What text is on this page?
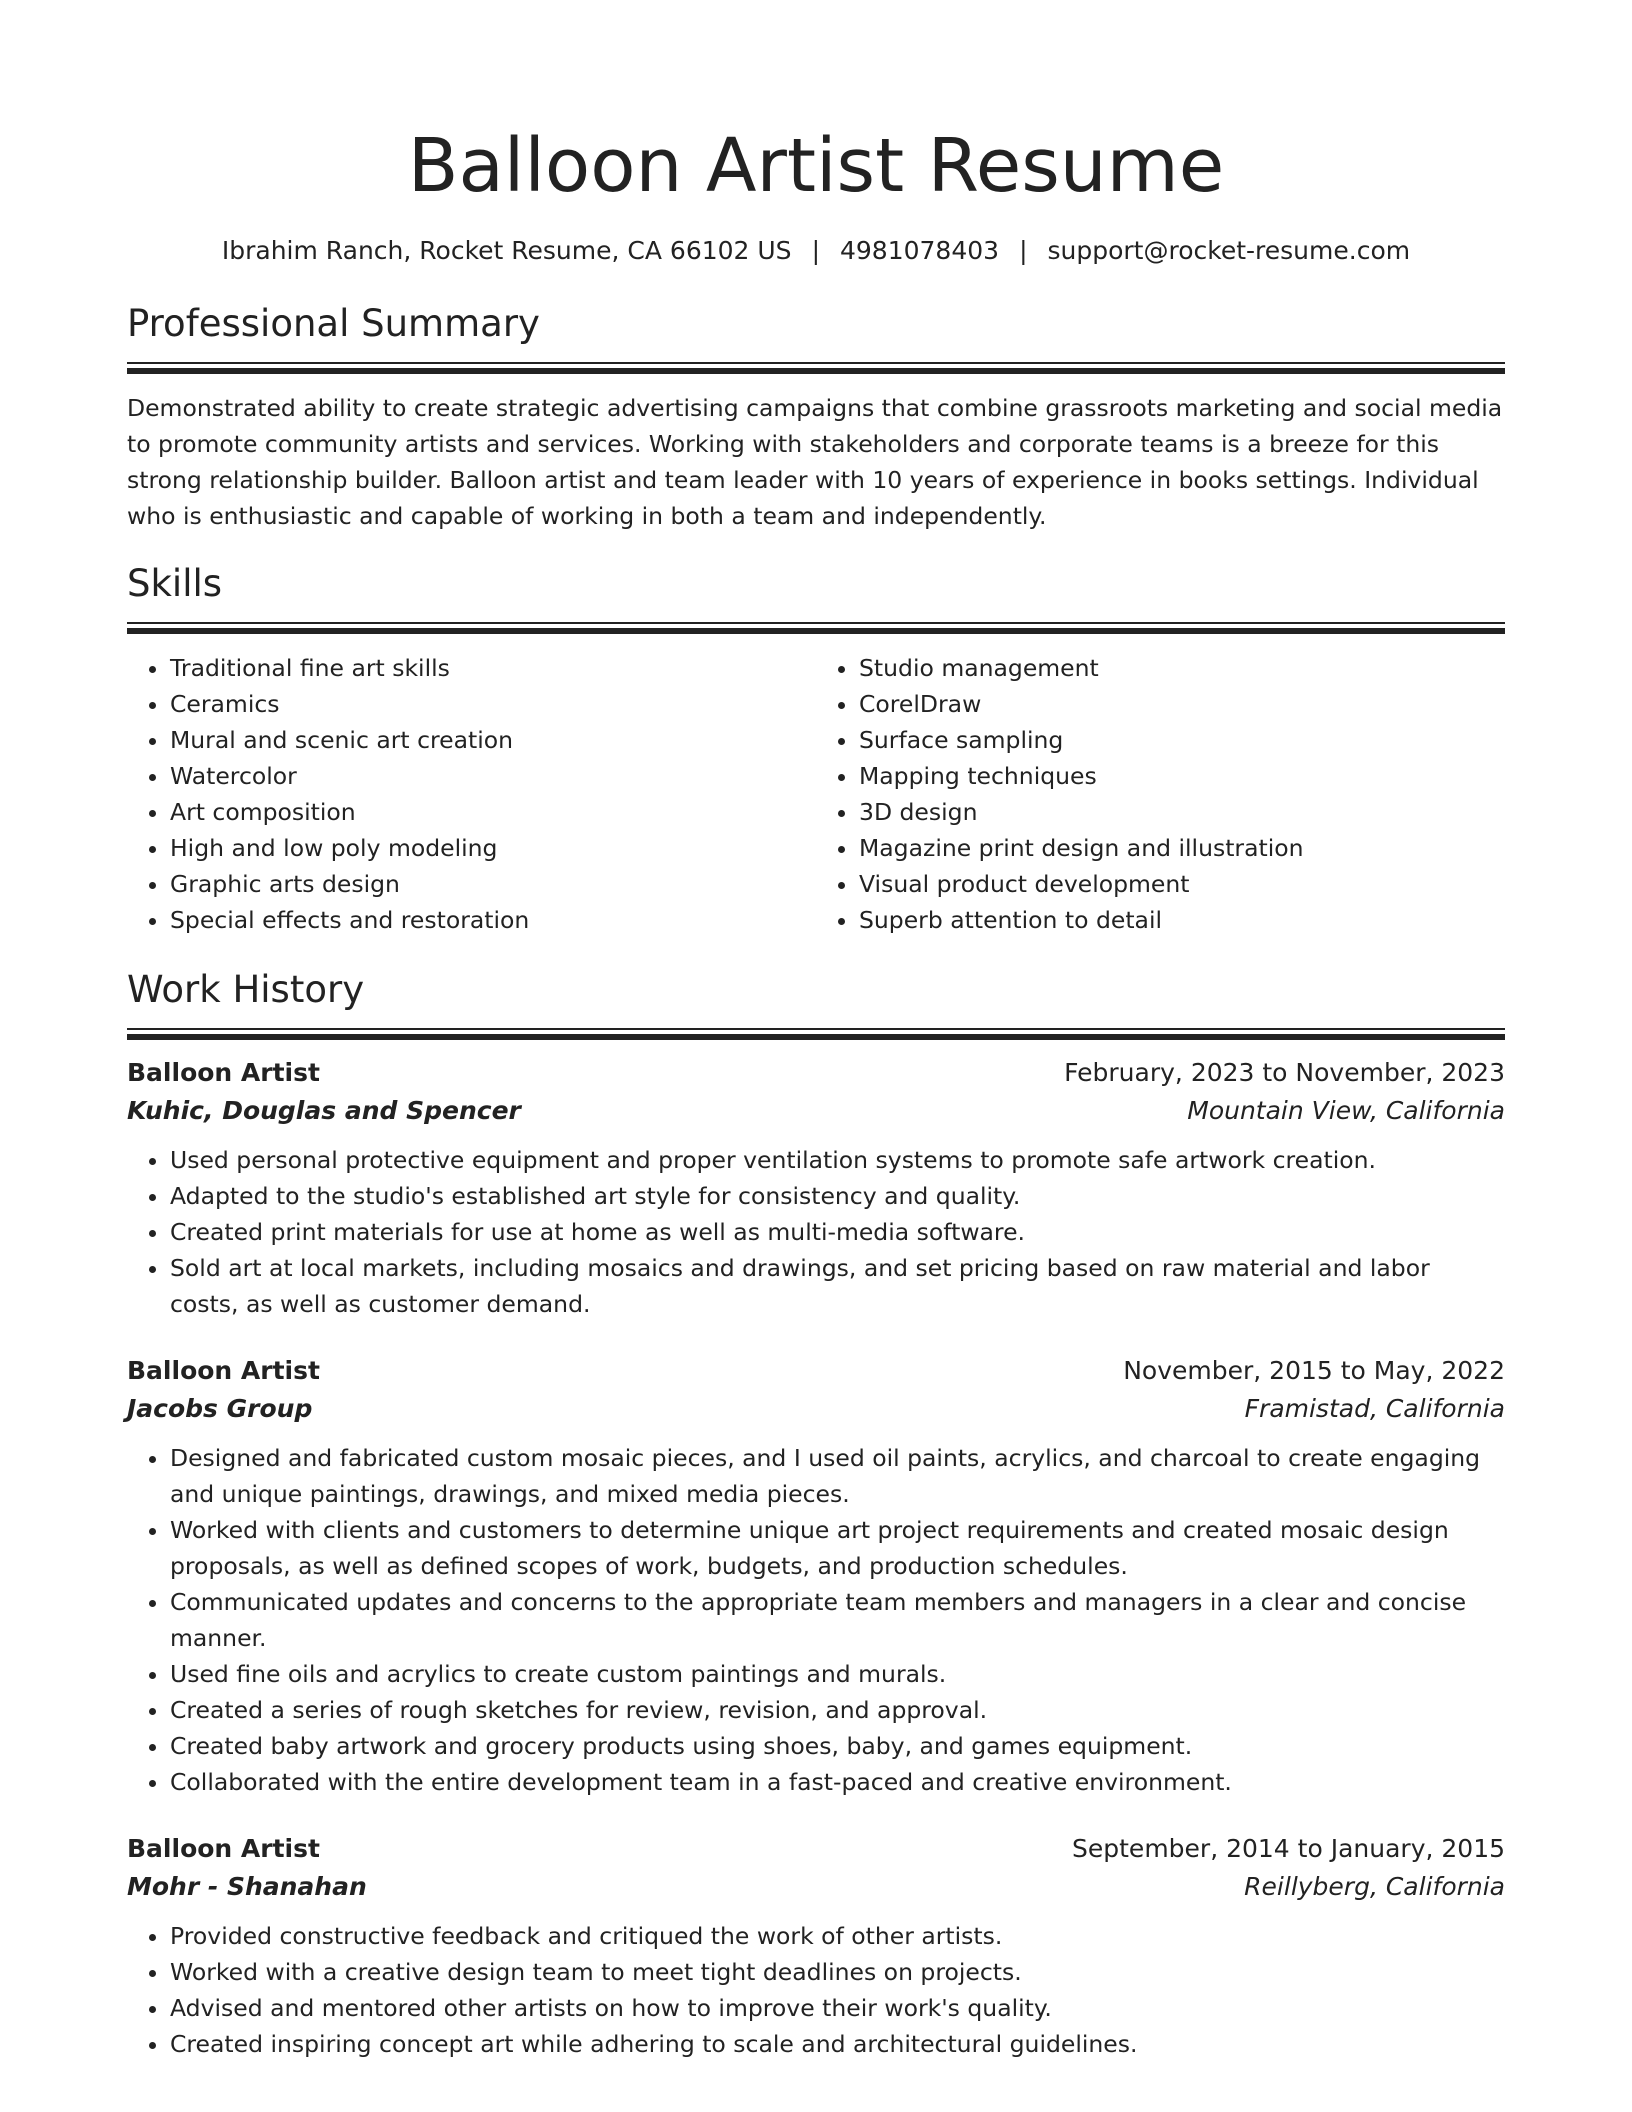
Balloon Artist Resume
Ibrahim Ranch, Rocket Resume, CA 66102 US | 4981078403 | support@rocket-resume.com
Professional Summary

Demonstrated ability to create strategic advertising campaigns that combine grassroots marketing and social media to promote community artists and services. Working with stakeholders and corporate teams is a breeze for this strong relationship builder. Balloon artist and team leader with 10 years of experience in books settings. Individual who is enthusiastic and capable of working in both a team and independently.

Skills
• Traditional fine art skills
• Ceramics
• Mural and scenic art creation
• Watercolor
• Art composition
• High and low poly modeling
• Graphic arts design
• Special effects and restoration
• Studio management
• CorelDraw
• Surface sampling
• Mapping techniques
• 3D design
• Magazine print design and illustration
• Visual product development
• Superb attention to detail
Work History
Balloon Artist	February, 2023 to November, 2023
Kuhic, Douglas and Spencer	Mountain View, California
• Used personal protective equipment and proper ventilation systems to promote safe artwork creation.
• Adapted to the studio's established art style for consistency and quality.
• Created print materials for use at home as well as multi-media software.
• Sold art at local markets, including mosaics and drawings, and set pricing based on raw material and labor costs, as well as customer demand.
Balloon Artist	November, 2015 to May, 2022
Jacobs Group	Framistad, California
• Designed and fabricated custom mosaic pieces, and I used oil paints, acrylics, and charcoal to create engaging and unique paintings, drawings, and mixed media pieces.
• Worked with clients and customers to determine unique art project requirements and created mosaic design proposals, as well as defined scopes of work, budgets, and production schedules.
• Communicated updates and concerns to the appropriate team members and managers in a clear and concise manner.
• Used fine oils and acrylics to create custom paintings and murals.
• Created a series of rough sketches for review, revision, and approval.
• Created baby artwork and grocery products using shoes, baby, and games equipment.
• Collaborated with the entire development team in a fast-paced and creative environment.
Balloon Artist	September, 2014 to January, 2015
Mohr - Shanahan	Reillyberg, California
• Provided constructive feedback and critiqued the work of other artists.
• Worked with a creative design team to meet tight deadlines on projects.
• Advised and mentored other artists on how to improve their work's quality.
• Created inspiring concept art while adhering to scale and architectural guidelines.
